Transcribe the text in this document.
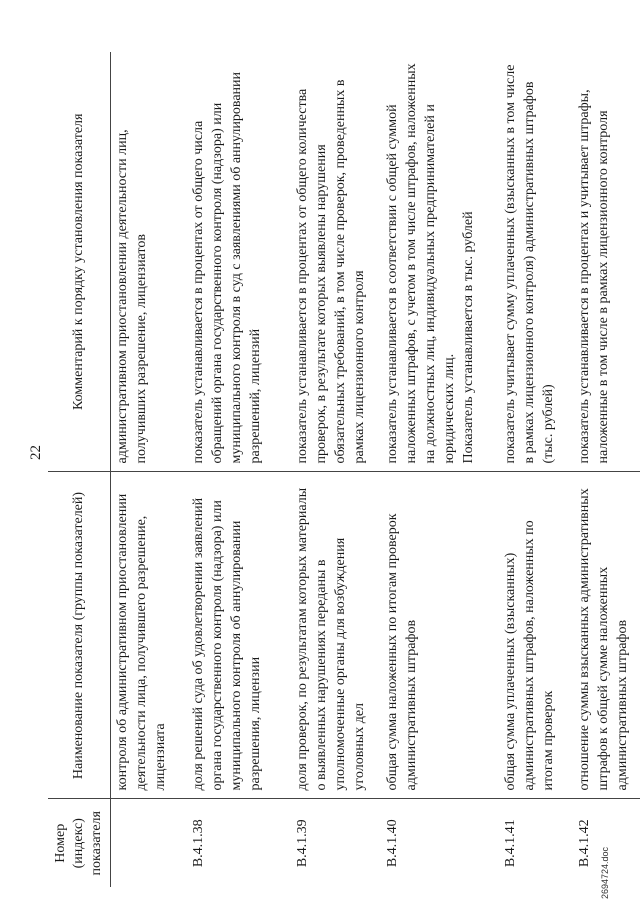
22
Номер (индекс) показателя	Наименование показателя (группы показателей)	Комментарий к порядку установления показателя
	контроля об административном приостановлении деятельности лица, получившего разрешение, лицензиата	административном приостановлении деятельности лиц, получивших разрешение, лицензиатов
В.4.1.38	доля решений суда об удовлетворении заявлений органа государственного контроля (надзора) или муниципального контроля об аннулировании разрешения, лицензии	показатель устанавливается в процентах от общего числа обращений органа государственного контроля (надзора) или муниципального контроля в суд с заявлениями об аннулировании разрешений, лицензий
В.4.1.39	доля проверок, по результатам которых материалы о выявленных нарушениях переданы в уполномоченные органы для возбуждения уголовных дел	показатель устанавливается в процентах от общего количества проверок, в результате которых выявлены нарушения обязательных требований, в том числе проверок, проведенных в рамках лицензионного контроля
В.4.1.40	общая сумма наложенных по итогам проверок административных штрафов	показатель устанавливается в соответствии с общей суммой наложенных штрафов, с учетом в том числе штрафов, наложенных на должностных лиц, индивидуальных предпринимателей и юридических лиц. Показатель устанавливается в тыс. рублей

В.4.1.41	общая сумма уплаченных (взысканных) административных штрафов, наложенных по итогам проверок	показатель учитывает сумму уплаченных (взысканных в том числе в рамках лицензионного контроля) административных штрафов (тыс. рублей)
В.4.1.42	отношение суммы взысканных административных штрафов к общей сумме наложенных административных штрафов	показатель устанавливается в процентах и учитывает штрафы, наложенные в том числе в рамках лицензионного контроля
2694724.doc
